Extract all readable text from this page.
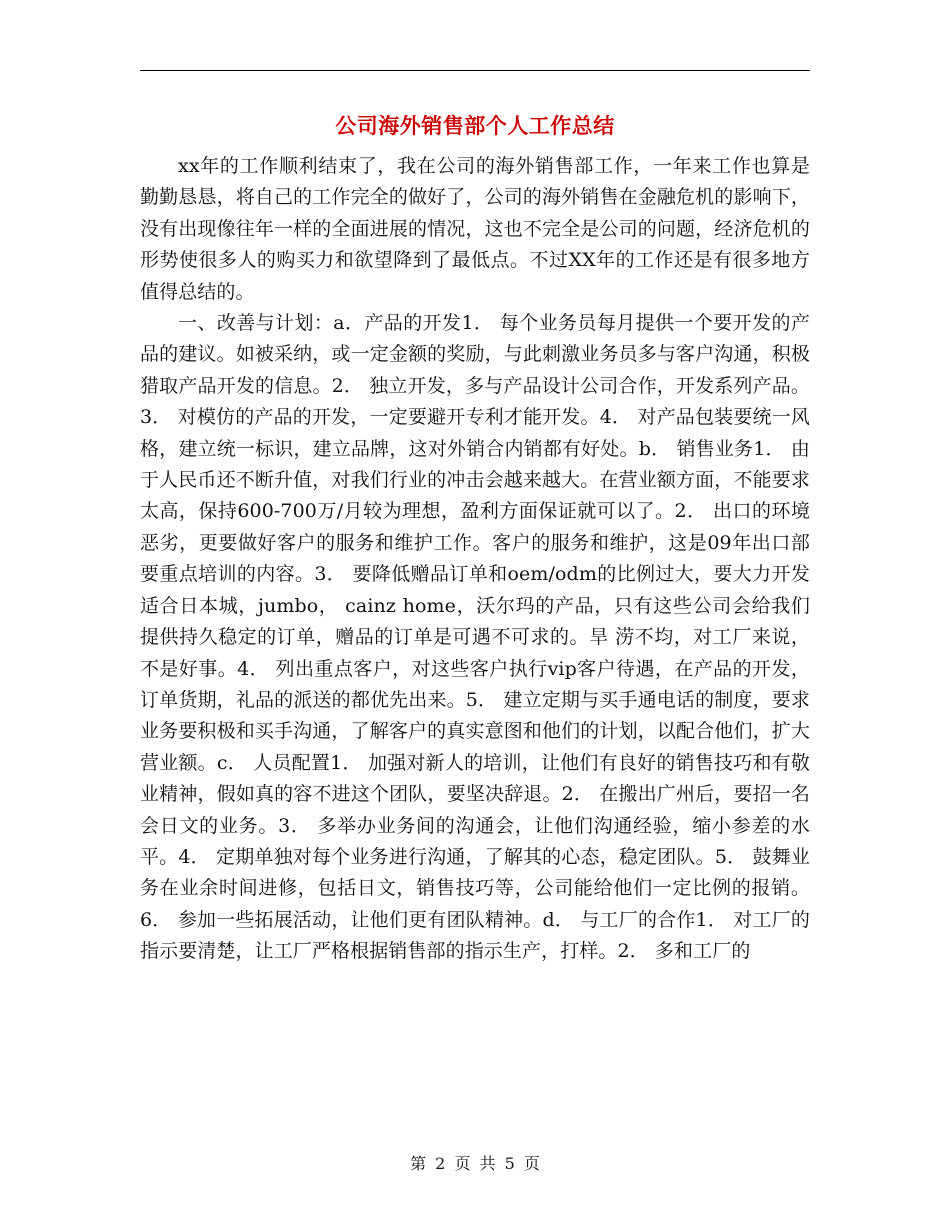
公司海外销售部个人工作总结

xx年的工作顺利结束了，我在公司的海外销售部工作，一年来工作也算是勤勤恳恳，将自己的工作完全的做好了，公司的海外销售在金融危机的影响下，没有出现像往年一样的全面进展的情况，这也不完全是公司的问题，经济危机的形势使很多人的购买力和欲望降到了最低点。不过XX年的工作还是有很多地方值得总结的。

一、改善与计划：a．产品的开发1． 每个业务员每月提供一个要开发的产品的建议。如被采纳，或一定金额的奖励，与此刺激业务员多与客户沟通，积极猎取产品开发的信息。2． 独立开发，多与产品设计公司合作，开发系列产品。3． 对模仿的产品的开发，一定要避开专利才能开发。4． 对产品包装要统一风格，建立统一标识，建立品牌，这对外销合内销都有好处。b． 销售业务1． 由于人民币还不断升值，对我们行业的冲击会越来越大。在营业额方面，不能要求太高，保持600-700万/月较为理想，盈利方面保证就可以了。2． 出口的环境恶劣，更要做好客户的服务和维护工作。客户的服务和维护，这是09年出口部要重点培训的内容。3． 要降低赠品订单和oem/odm的比例过大，要大力开发适合日本城，jumbo， cainz home，沃尔玛的产品，只有这些公司会给我们提供持久稳定的订单，赠品的订单是可遇不可求的。旱 涝不均，对工厂来说，不是好事。4． 列出重点客户，对这些客户执行vip客户待遇，在产品的开发，订单货期，礼品的派送的都优先出来。5． 建立定期与买手通电话的制度，要求业务要积极和买手沟通，了解客户的真实意图和他们的计划，以配合他们，扩大营业额。c． 人员配置1． 加强对新人的培训，让他们有良好的销售技巧和有敬业精神，假如真的容不进这个团队，要坚决辞退。2． 在搬出广州后，要招一名会日文的业务。3． 多举办业务间的沟通会，让他们沟通经验，缩小参差的水平。4． 定期单独对每个业务进行沟通，了解其的心态，稳定团队。5． 鼓舞业务在业余时间进修，包括日文，销售技巧等，公司能给他们一定比例的报销。6． 参加一些拓展活动，让他们更有团队精神。d． 与工厂的合作1． 对工厂的指示要清楚，让工厂严格根据销售部的指示生产，打样。2． 多和工厂的

第 2 页 共 5 页
